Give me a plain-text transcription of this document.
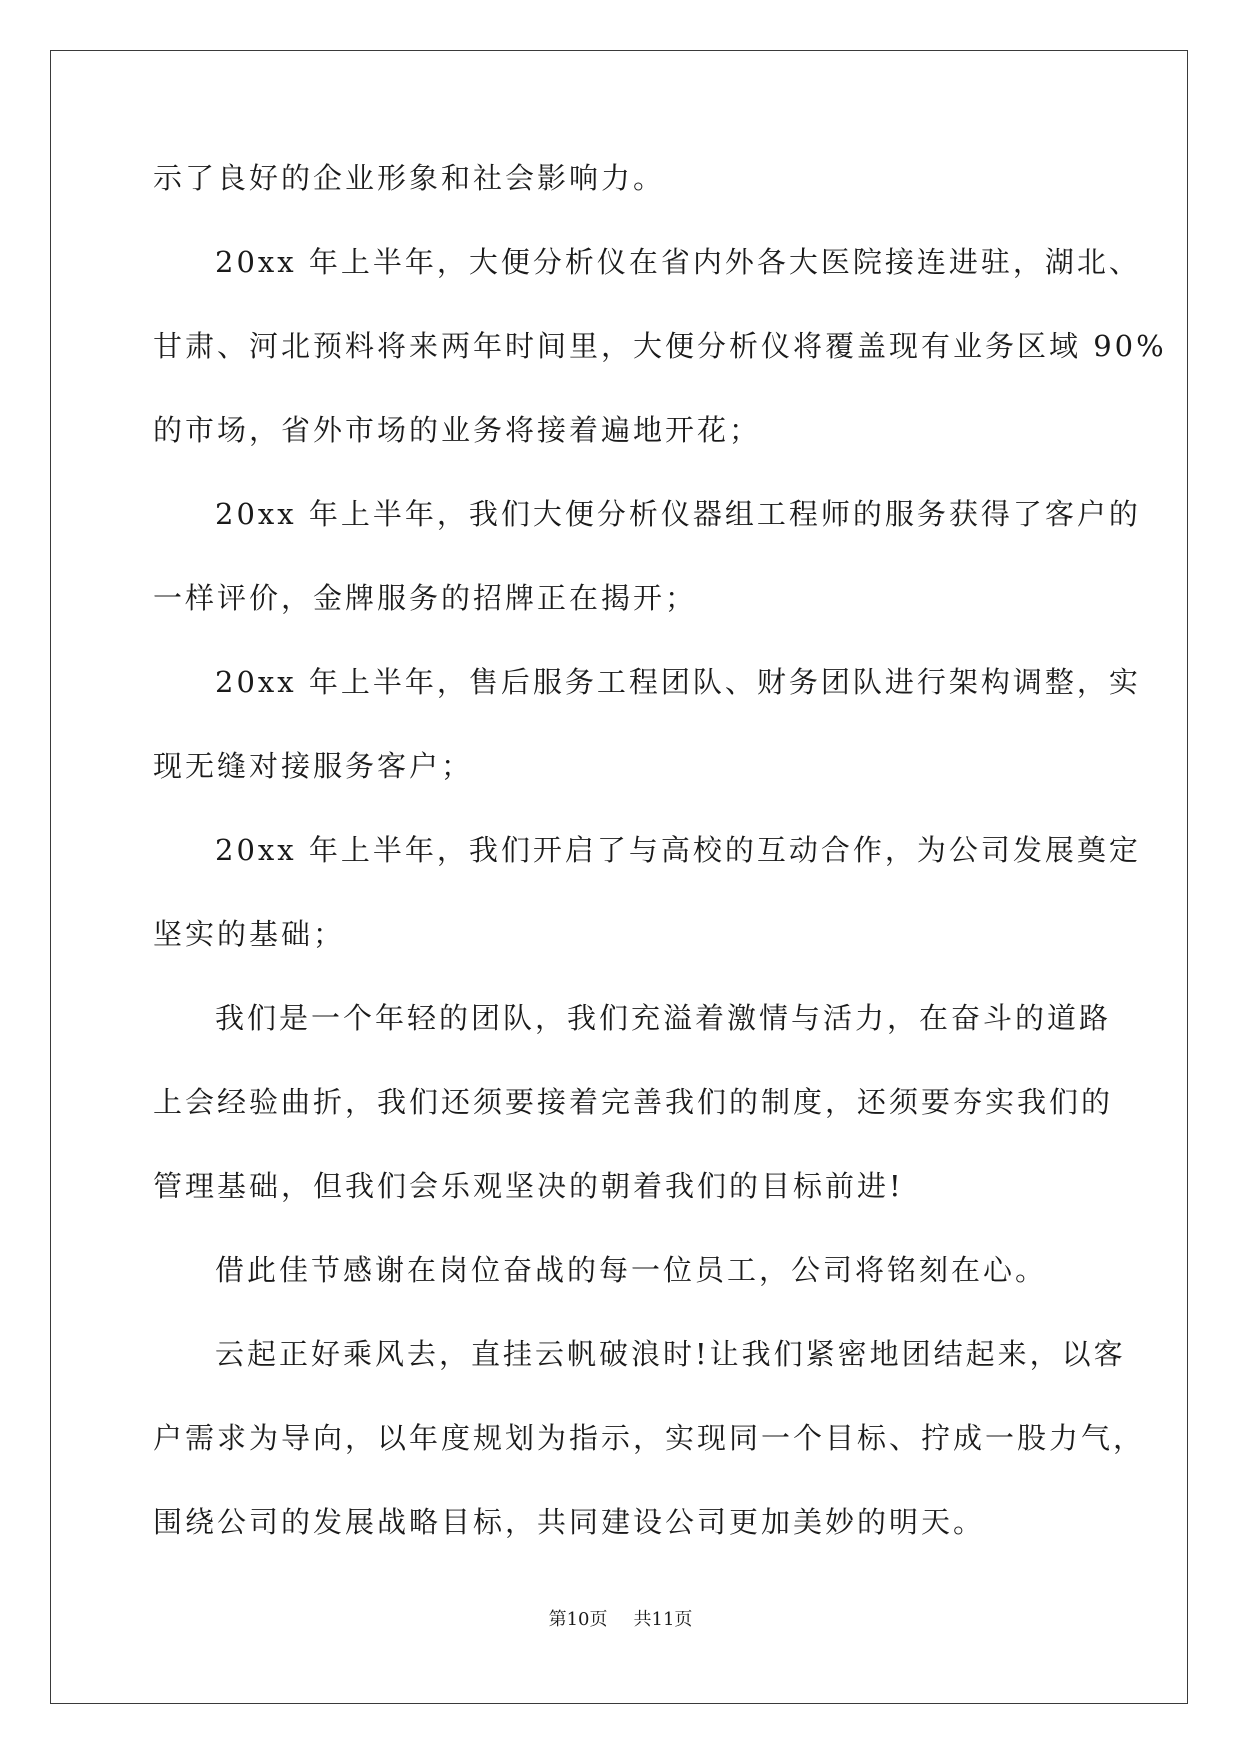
示了良好的企业形象和社会影响力。
20xx 年上半年，大便分析仪在省内外各大医院接连进驻，湖北、
甘肃、河北预料将来两年时间里，大便分析仪将覆盖现有业务区域 90%
的市场，省外市场的业务将接着遍地开花；
20xx 年上半年，我们大便分析仪器组工程师的服务获得了客户的
一样评价，金牌服务的招牌正在揭开；
20xx 年上半年，售后服务工程团队、财务团队进行架构调整，实
现无缝对接服务客户；
20xx 年上半年，我们开启了与高校的互动合作，为公司发展奠定
坚实的基础；
我们是一个年轻的团队，我们充溢着激情与活力，在奋斗的道路
上会经验曲折，我们还须要接着完善我们的制度，还须要夯实我们的
管理基础，但我们会乐观坚决的朝着我们的目标前进!
借此佳节感谢在岗位奋战的每一位员工，公司将铭刻在心。
云起正好乘风去，直挂云帆破浪时!让我们紧密地团结起来，以客
户需求为导向，以年度规划为指示，实现同一个目标、拧成一股力气，
围绕公司的发展战略目标，共同建设公司更加美妙的明天。
第10页 共11页
